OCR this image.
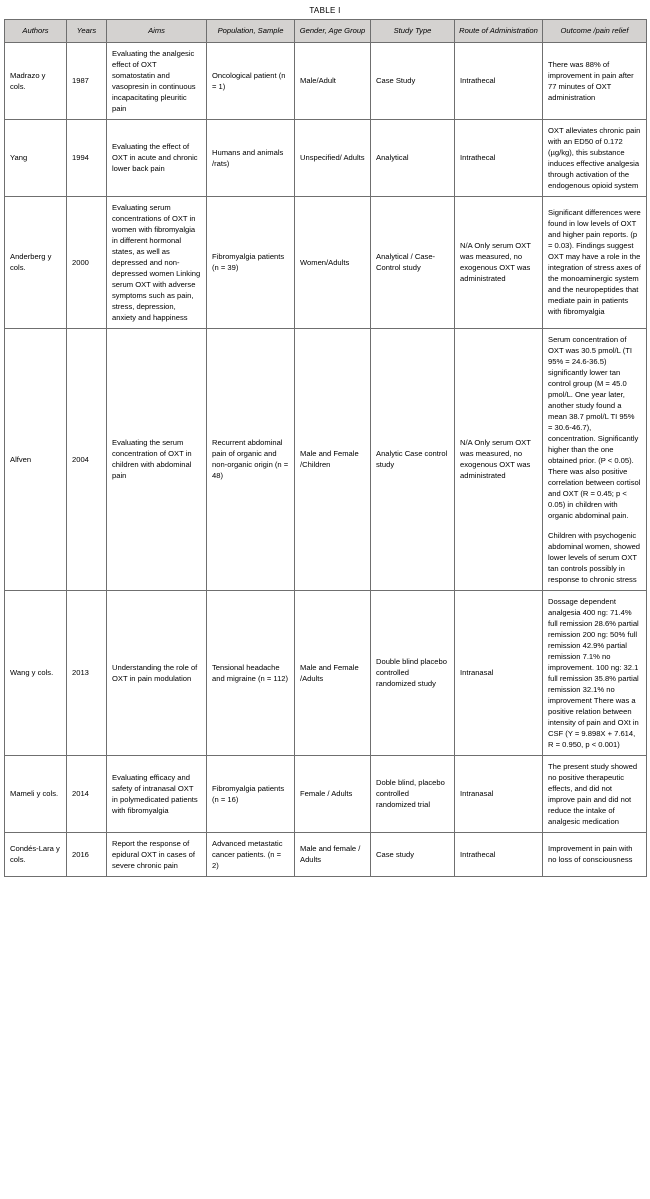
TABLE I
Authors	Years	Aims	Population, Sample	Gender, Age Group	Study Type	Route of Administration	Outcome /pain relief
Madrazo y cols.	1987	Evaluating the analgesic effect of OXT somatostatin and vasopresin in continuous incapacitating pleuritic pain	Oncological patient (n = 1)	Male/Adult	Case Study	Intrathecal	There was 88% of improvement in pain after 77 minutes of OXT administration
Yang	1994	Evaluating the effect of OXT in acute and chronic lower back pain	Humans and animals /rats)	Unspecified/ Adults	Analytical	Intrathecal	OXT alleviates chronic pain with an ED50 of 0.172 (µg/kg), this substance induces effective analgesia through activation of the endogenous opioid system
Anderberg y cols.	2000	Evaluating serum concentrations of OXT in women with fibromyalgia in different hormonal states, as well as depressed and non-depressed women Linking serum OXT with adverse symptoms such as pain, stress, depression, anxiety and happiness	Fibromyalgia patients (n = 39)	Women/Adults	Analytical / Case-Control study	N/A Only serum OXT was measured, no exogenous OXT was administrated	Significant differences were found in low levels of OXT and higher pain reports. (p = 0.03). Findings suggest OXT may have a role in the integration of stress axes of the monoaminergic system and the neuropeptides that mediate pain in patients with fibromyalgia
Alfven	2004	Evaluating the serum concentration of OXT in children with abdominal pain	Recurrent abdominal pain of organic and non-organic origin (n = 48)	Male and Female /Children	Analytic Case control study	N/A Only serum OXT was measured, no exogenous OXT was administrated	Serum concentration of OXT was 30.5 pmol/L (TI 95% = 24.6-36.5) significantly lower tan control group (M = 45.0 pmol/L. One year later, another study found a mean 38.7 pmol/L TI 95% = 30.6-46.7), concentration. Significantly higher than the one obtained prior. (P < 0.05). There was also positive correlation between cortisol and OXT (R = 0.45; p < 0.05) in children with organic abdominal pain.

Children with psychogenic abdominal women, showed lower levels of serum OXT tan controls possibly in response to chronic stress

Wang y cols.	2013	Understanding the role of OXT in pain modulation	Tensional headache and migraine (n = 112)	Male and Female /Adults	Double blind placebo controlled randomized study	Intranasal	Dossage dependent analgesia 400 ng: 71.4% full remission 28.6% partial remission 200 ng: 50% full remission 42.9% partial remission 7.1% no improvement. 100 ng: 32.1 full remission 35.8% partial remission 32.1% no improvement There was a positive relation between intensity of pain and OXt in CSF (Y = 9.898X + 7.614, R = 0.950, p < 0.001)
Mameli y cols.	2014	Evaluating efficacy and safety of intranasal OXT in polymedicated patients with fibromyalgia	Fibromyalgia patients (n = 16)	Female / Adults	Doble blind, placebo controlled randomized trial	Intranasal	The present study showed no positive therapeutic effects, and did not improve pain and did not reduce the intake of analgesic medication
Condés-Lara y cols.	2016	Report the response of epidural OXT in cases of severe chronic pain	Advanced metastatic cancer patients. (n = 2)	Male and female / Adults	Case study	Intrathecal	Improvement in pain with no loss of consciousness
